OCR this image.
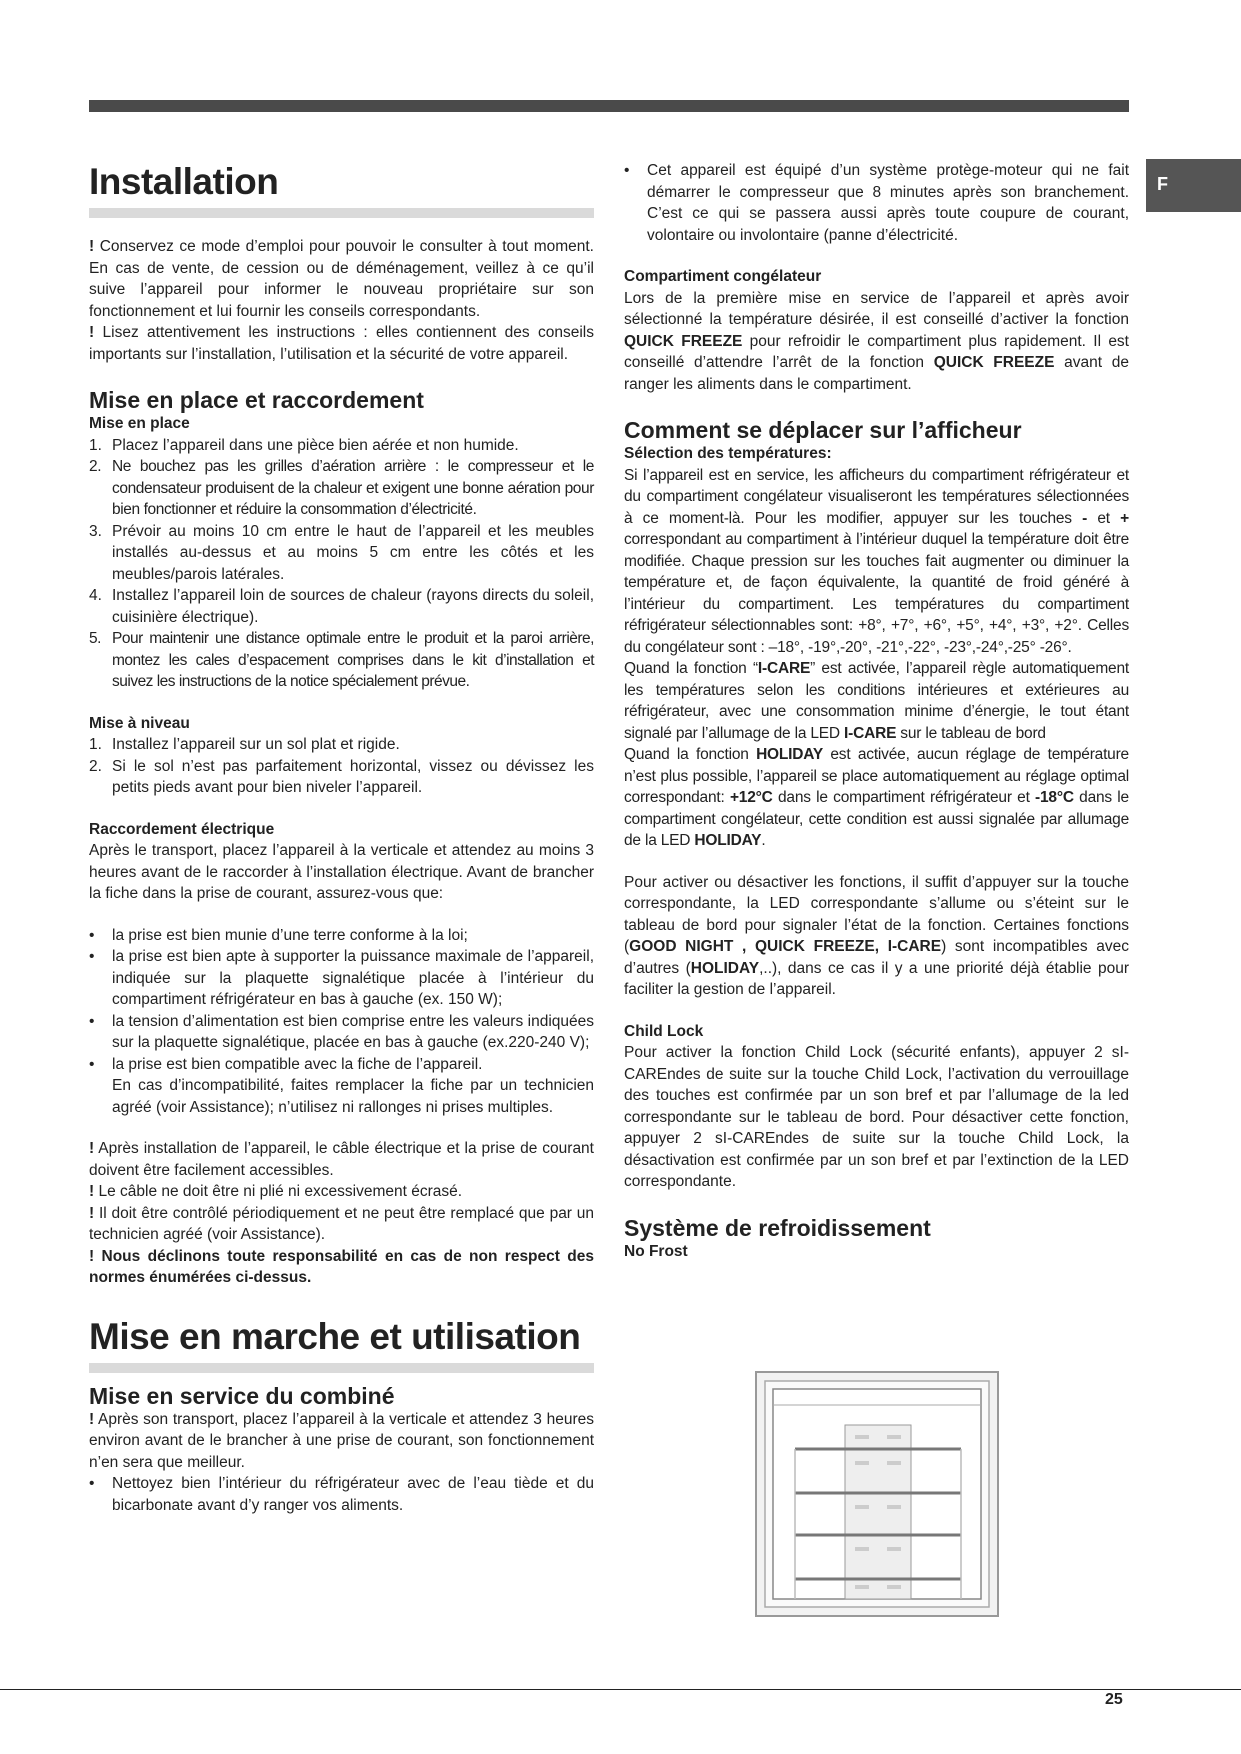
F
Installation

! Conservez ce mode d’emploi pour pouvoir le consulter à tout moment. En cas de vente, de cession ou de déménagement, veillez à ce qu’il suive l’appareil pour informer le nouveau propriétaire sur son fonctionnement et lui fournir les conseils correspondants.

! Lisez attentivement les instructions : elles contiennent des conseils importants sur l’installation, l’utilisation et la sécurité de votre appareil.

Mise en place et raccordement
Mise en place
1. Placez l’appareil dans une pièce bien aérée et non humide.
2. Ne bouchez pas les grilles d’aération arrière : le compresseur et le condensateur produisent de la chaleur et exigent une bonne aération pour bien fonctionner et réduire la consommation d’électricité.
3. Prévoir au moins 10 cm entre le haut de l’appareil et les meubles installés au-dessus et au moins 5 cm entre les côtés et les meubles/parois latérales.
4. Installez l’appareil loin de sources de chaleur (rayons directs du soleil, cuisinière électrique).
5. Pour maintenir une distance optimale entre le produit et la paroi arrière, montez les cales d’espacement comprises dans le kit d’installation et suivez les instructions de la notice spécialement prévue.
Mise à niveau
1. Installez l’appareil sur un sol plat et rigide.
2. Si le sol n’est pas parfaitement horizontal, vissez ou dévissez les petits pieds avant pour bien niveler l’appareil.
Raccordement électrique

Après le transport, placez l’appareil à la verticale et attendez au moins 3 heures avant de le raccorder à l’installation électrique. Avant de brancher la fiche dans la prise de courant, assurez-vous que:

• la prise est bien munie d’une terre conforme à la loi;
• la prise est bien apte à supporter la puissance maximale de l’appareil, indiquée sur la plaquette signalétique placée à l’intérieur du compartiment réfrigérateur en bas à gauche (ex. 150 W);
• la tension d’alimentation est bien comprise entre les valeurs indiquées sur la plaquette signalétique, placée en bas à gauche (ex.220-240 V);
• la prise est bien compatible avec la fiche de l’appareil.
En cas d’incompatibilité, faites remplacer la fiche par un technicien agréé (voir Assistance); n’utilisez ni rallonges ni prises multiples.

! Après installation de l’appareil, le câble électrique et la prise de courant doivent être facilement accessibles.

! Le câble ne doit être ni plié ni excessivement écrasé.

! Il doit être contrôlé périodiquement et ne peut être remplacé que par un technicien agréé (voir Assistance).

! Nous déclinons toute responsabilité en cas de non respect des normes énumérées ci-dessus.

Mise en marche et utilisation
Mise en service du combiné

! Après son transport, placez l’appareil à la verticale et attendez 3 heures environ avant de le brancher à une prise de courant, son fonctionnement n’en sera que meilleur.

• Nettoyez bien l’intérieur du réfrigérateur avec de l’eau tiède et du bicarbonate avant d’y ranger vos aliments.
• Cet appareil est équipé d’un système protège-moteur qui ne fait démarrer le compresseur que 8 minutes après son branchement. C’est ce qui se passera aussi après toute coupure de courant, volontaire ou involontaire (panne d’électricité.
Compartiment congélateur

Lors de la première mise en service de l’appareil et après avoir sélectionné la température désirée, il est conseillé d’activer la fonction QUICK FREEZE pour refroidir le compartiment plus rapidement. Il est conseillé d’attendre l’arrêt de la fonction QUICK FREEZE avant de ranger les aliments dans le compartiment.

Comment se déplacer sur l’afficheur
Sélection des températures:

Si l’appareil est en service, les afficheurs du compartiment réfrigérateur et du compartiment congélateur visualiseront les températures sélectionnées à ce moment-là. Pour les modifier, appuyer sur les touches - et + correspondant au compartiment à l’intérieur duquel la température doit être modifiée. Chaque pression sur les touches fait augmenter ou diminuer la température et, de façon équivalente, la quantité de froid généré à l’intérieur du compartiment. Les températures du compartiment réfrigérateur sélectionnables sont: +8°, +7°, +6°, +5°, +4°, +3°, +2°. Celles du congélateur sont : –18°, -19°,-20°, -21°,-22°, -23°,-24°,-25° -26°.

Quand la fonction “I-CARE” est activée, l’appareil règle automatiquement les températures selon les conditions intérieures et extérieures au réfrigérateur, avec une consommation minime d’énergie, le tout étant signalé par l’allumage de la LED I-CARE sur le tableau de bord

Quand la fonction HOLIDAY est activée, aucun réglage de température n’est plus possible, l’appareil se place automatiquement au réglage optimal correspondant: +12°C dans le compartiment réfrigérateur et -18°C dans le compartiment congélateur, cette condition est aussi signalée par allumage de la LED HOLIDAY.

Pour activer ou désactiver les fonctions, il suffit d’appuyer sur la touche correspondante, la LED correspondante s’allume ou s’éteint sur le tableau de bord pour signaler l’état de la fonction. Certaines fonctions (GOOD NIGHT , QUICK FREEZE, I-CARE) sont incompatibles avec d’autres (HOLIDAY,..), dans ce cas il y a une priorité déjà établie pour faciliter la gestion de l’appareil.

Child Lock

Pour activer la fonction Child Lock (sécurité enfants), appuyer 2 sI-CAREndes de suite sur la touche Child Lock, l’activation du verrouillage des touches est confirmée par un son bref et par l’allumage de la led correspondante sur le tableau de bord. Pour désactiver cette fonction, appuyer 2 sI-CAREndes de suite sur la touche Child Lock, la désactivation est confirmée par un son bref et par l’extinction de la LED correspondante.

Système de refroidissement
No Frost
25
